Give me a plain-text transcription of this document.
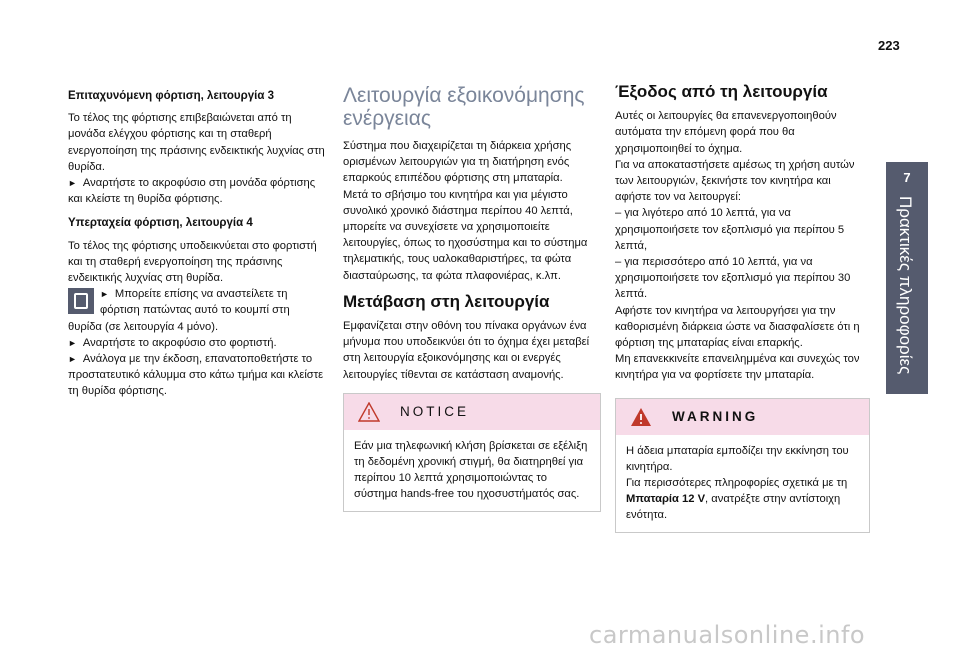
223
7
Πρακτικές πληροφορίες

Επιταχυνόμενη φόρτιση, λειτουργία 3

Το τέλος της φόρτισης επιβεβαιώνεται από τη μονάδα ελέγχου φόρτισης και τη σταθερή ενεργοποίηση της πράσινης ενδεικτικής λυχνίας στη θυρίδα.

► Αναρτήστε το ακροφύσιο στη μονάδα φόρτισης και κλείστε τη θυρίδα φόρτισης.

Υπερταχεία φόρτιση, λειτουργία 4

Το τέλος της φόρτισης υποδεικνύεται στο φορτιστή και τη σταθερή ενεργοποίηση της πράσινης ενδεικτικής λυχνίας στη θυρίδα.

► Μπορείτε επίσης να αναστείλετε τη φόρτιση πατώντας αυτό το κουμπί στη θυρίδα (σε λειτουργία 4 μόνο).

► Αναρτήστε το ακροφύσιο στο φορτιστή.

► Ανάλογα με την έκδοση, επανατοποθετήστε το προστατευτικό κάλυμμα στο κάτω τμήμα και κλείστε τη θυρίδα φόρτισης.

Λειτουργία εξοικονόμησης ενέργειας

Σύστημα που διαχειρίζεται τη διάρκεια χρήσης ορισμένων λειτουργιών για τη διατήρηση ενός επαρκούς επιπέδου φόρτισης στη μπαταρία.

Μετά το σβήσιμο του κινητήρα και για μέγιστο συνολικό χρονικό διάστημα περίπου 40 λεπτά, μπορείτε να συνεχίσετε να χρησιμοποιείτε λειτουργίες, όπως το ηχοσύστημα και το σύστημα τηλεματικής, τους υαλοκαθαριστήρες, τα φώτα διασταύρωσης, τα φώτα πλαφονιέρας, κ.λπ.

Μετάβαση στη λειτουργία

Εμφανίζεται στην οθόνη του πίνακα οργάνων ένα μήνυμα που υποδεικνύει ότι το όχημα έχει μεταβεί στη λειτουργία εξοικονόμησης και οι ενεργές λειτουργίες τίθενται σε κατάσταση αναμονής.

NOTICE
Εάν μια τηλεφωνική κλήση βρίσκεται σε εξέλιξη τη δεδομένη χρονική στιγμή, θα διατηρηθεί για περίπου 10 λεπτά χρησιμοποιώντας το σύστημα hands-free του ηχοσυστήματός σας.

Έξοδος από τη λειτουργία

Αυτές οι λειτουργίες θα επανενεργοποιηθούν αυτόματα την επόμενη φορά που θα χρησιμοποιηθεί το όχημα.

Για να αποκαταστήσετε αμέσως τη χρήση αυτών των λειτουργιών, ξεκινήστε τον κινητήρα και αφήστε τον να λειτουργεί:

– για λιγότερο από 10 λεπτά, για να χρησιμοποιήσετε τον εξοπλισμό για περίπου 5 λεπτά,

– για περισσότερο από 10 λεπτά, για να χρησιμοποιήσετε τον εξοπλισμό για περίπου 30 λεπτά.

Αφήστε τον κινητήρα να λειτουργήσει για την καθορισμένη διάρκεια ώστε να διασφαλίσετε ότι η φόρτιση της μπαταρίας είναι επαρκής.

Μη επανεκκινείτε επανειλημμένα και συνεχώς τον κινητήρα για να φορτίσετε την μπαταρία.

WARNING

Η άδεια μπαταρία εμποδίζει την εκκίνηση του κινητήρα.

Για περισσότερες πληροφορίες σχετικά με τη Μπαταρία 12 V, ανατρέξτε στην αντίστοιχη ενότητα.

carmanualsonline.info
